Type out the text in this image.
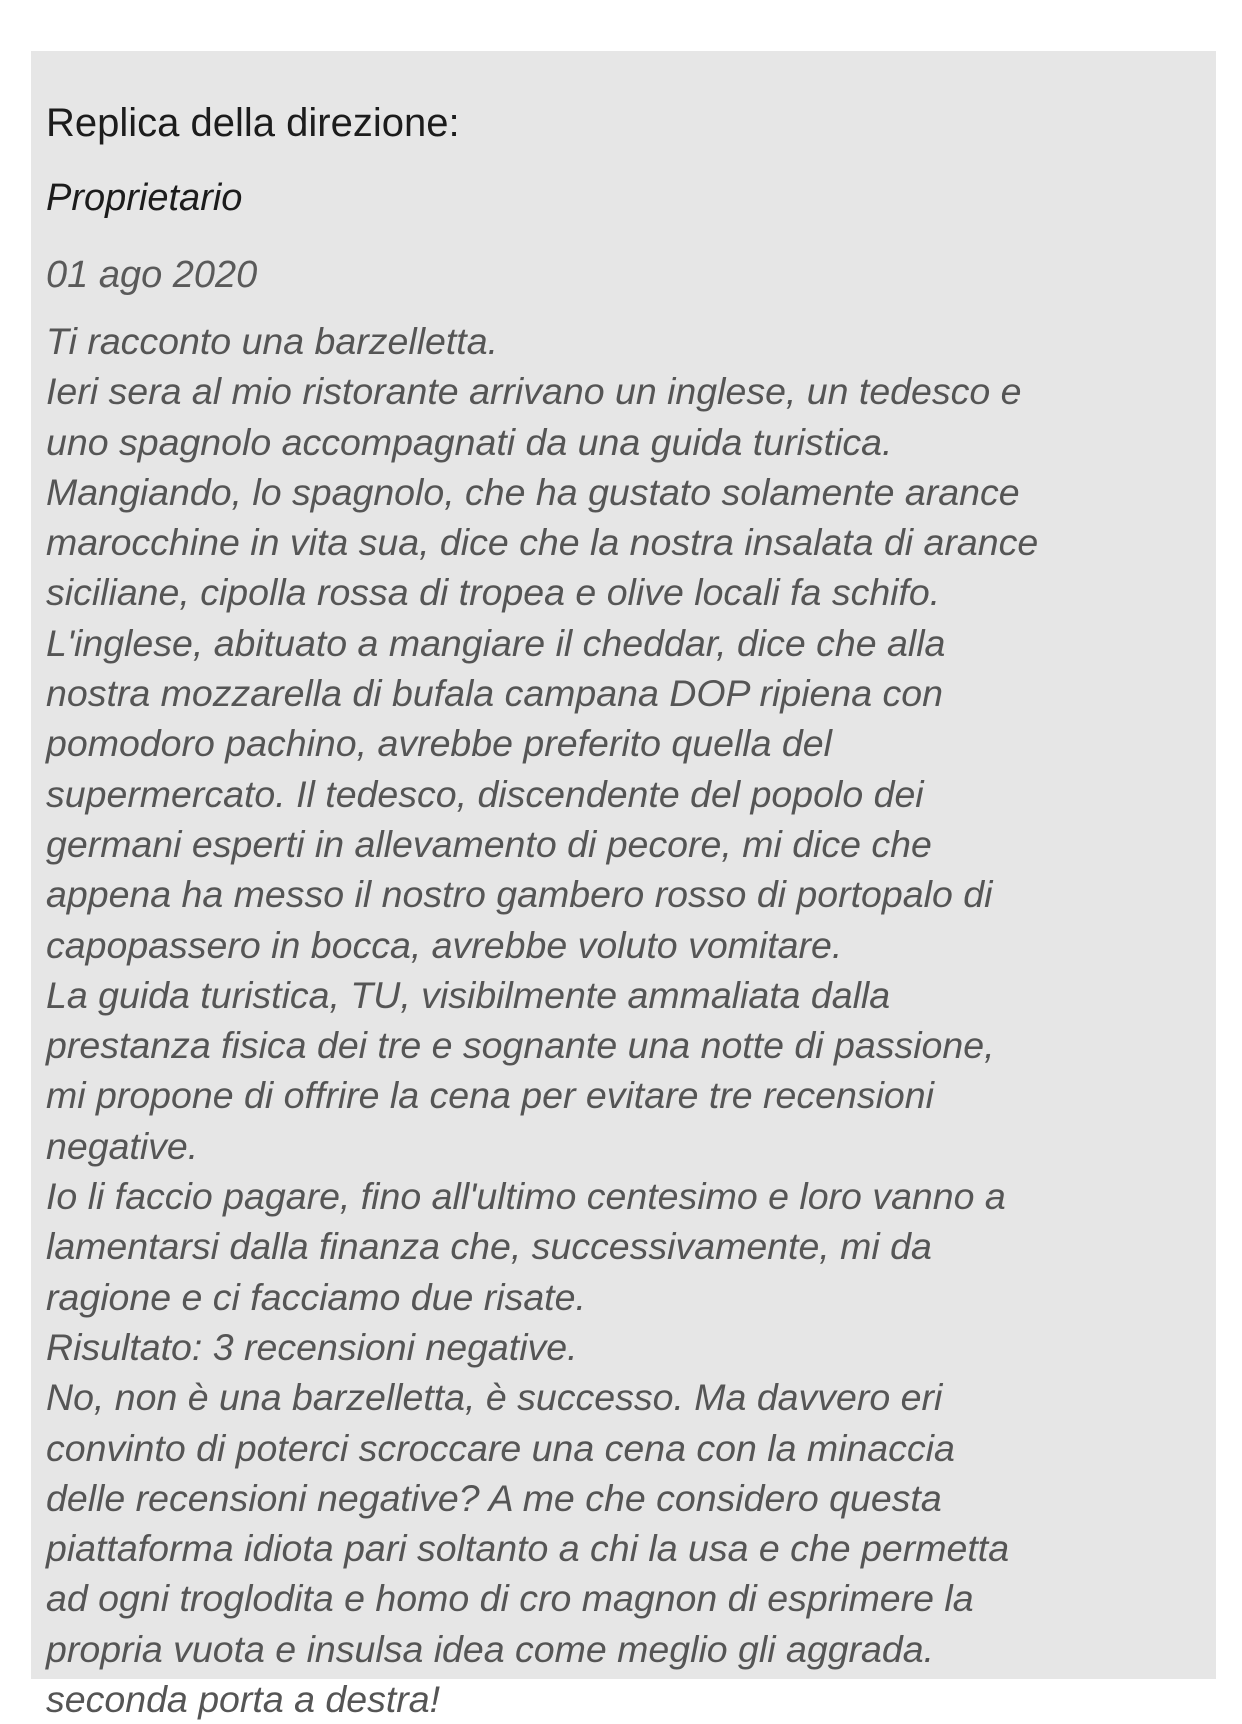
Replica della direzione:
Proprietario
01 ago 2020

Ti racconto una barzelletta.
Ieri sera al mio ristorante arrivano un inglese, un tedesco e
uno spagnolo accompagnati da una guida turistica.
Mangiando, lo spagnolo, che ha gustato solamente arance
marocchine in vita sua, dice che la nostra insalata di arance
siciliane, cipolla rossa di tropea e olive locali fa schifo.
L'inglese, abituato a mangiare il cheddar, dice che alla
nostra mozzarella di bufala campana DOP ripiena con
pomodoro pachino, avrebbe preferito quella del
supermercato. Il tedesco, discendente del popolo dei
germani esperti in allevamento di pecore, mi dice che
appena ha messo il nostro gambero rosso di portopalo di
capopassero in bocca, avrebbe voluto vomitare.
La guida turistica, TU, visibilmente ammaliata dalla
prestanza fisica dei tre e sognante una notte di passione,
mi propone di offrire la cena per evitare tre recensioni
negative.
Io li faccio pagare, fino all'ultimo centesimo e loro vanno a
lamentarsi dalla finanza che, successivamente, mi da
ragione e ci facciamo due risate.
Risultato: 3 recensioni negative.
No, non è una barzelletta, è successo. Ma davvero eri
convinto di poterci scroccare una cena con la minaccia
delle recensioni negative? A me che considero questa
piattaforma idiota pari soltanto a chi la usa e che permetta
ad ogni troglodita e homo di cro magnon di esprimere la
propria vuota e insulsa idea come meglio gli aggrada.
seconda porta a destra!
